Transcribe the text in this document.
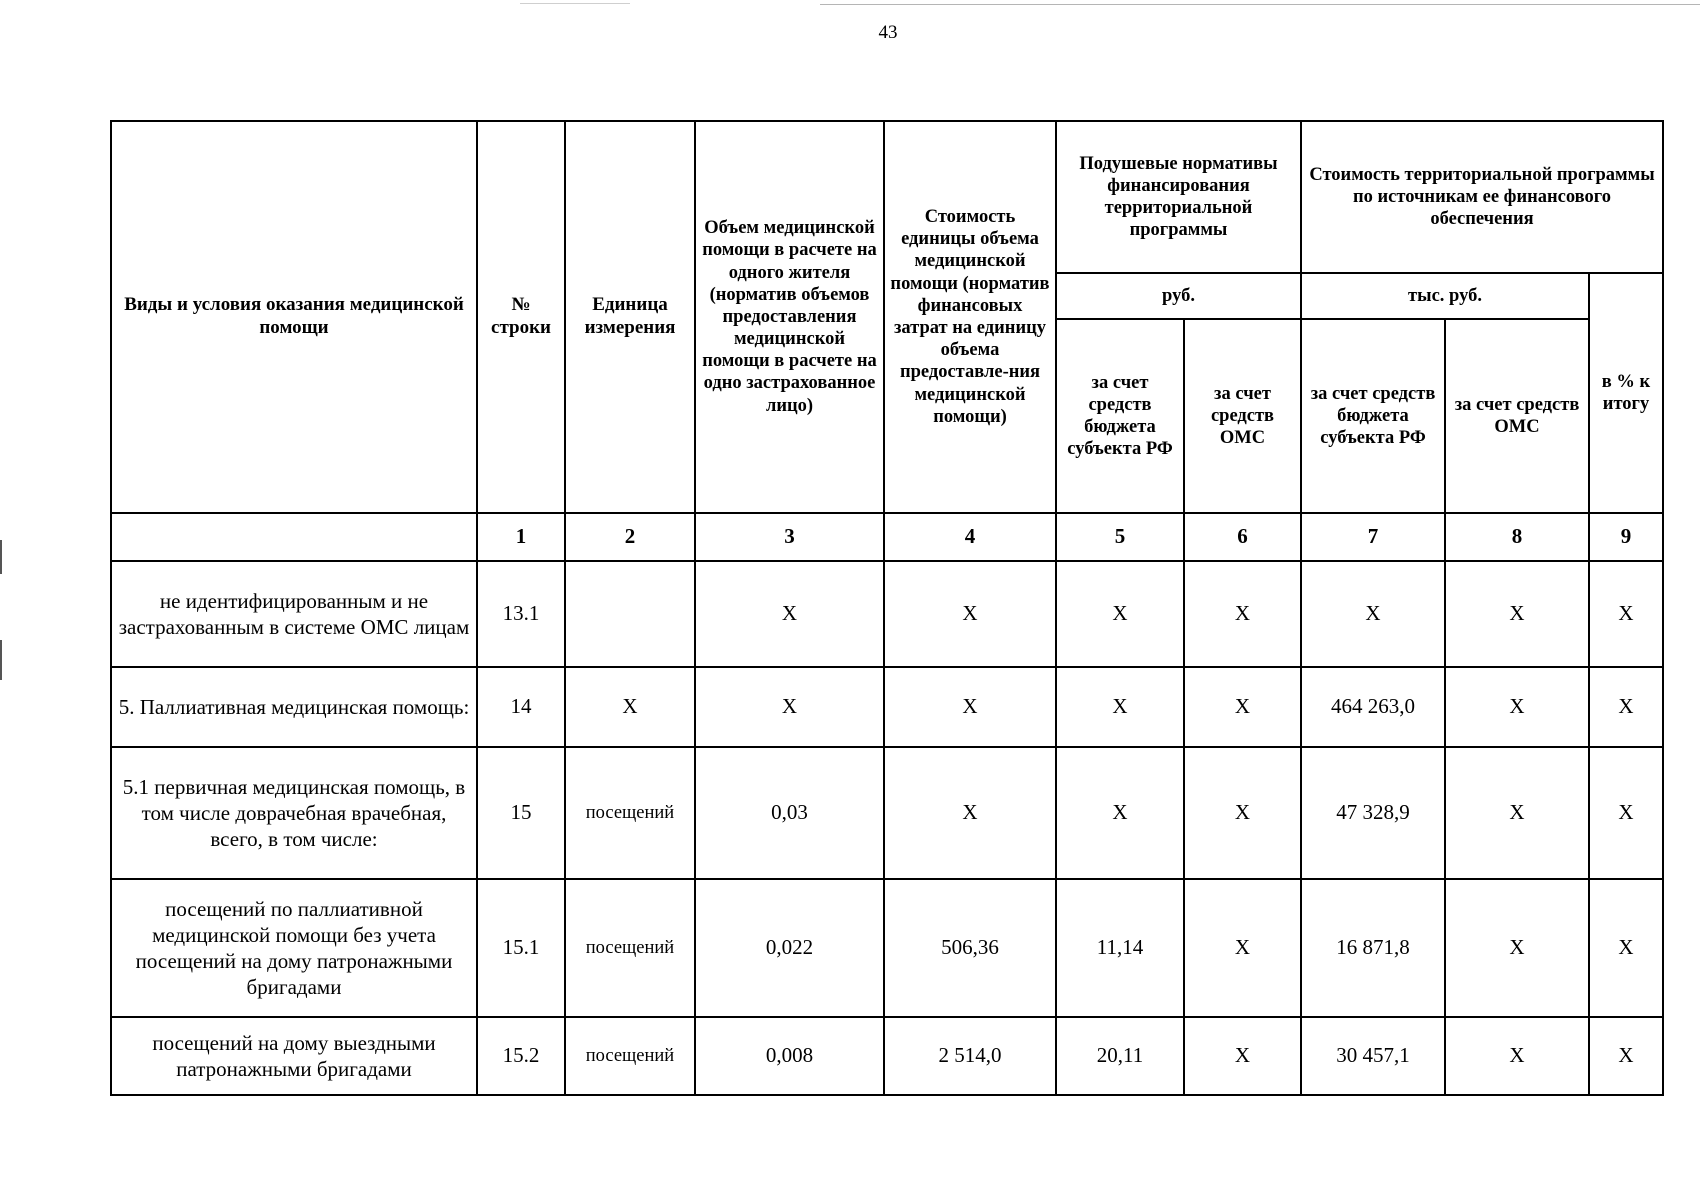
43
Виды и условия оказания медицинской помощи	№ строки	Единица измерения	Объем медицинской помощи в расчете на одного жителя (норматив объемов предоставления медицинской помощи в расчете на одно застрахованное лицо)	Стоимость единицы объема медицинской помощи (норматив финансовых затрат на единицу объема предоставле-ния медицинской помощи)	Подушевые нормативы финансирования территориальной программы		Стоимость территориальной программы по источникам ее финансового обеспечения		
					руб.		тыс. руб.		в % к итогу
					за счет средств бюджета субъекта РФ	за счет средств ОМС	за счет средств бюджета субъекта РФ	за счет средств ОМС	
	1	2	3	4	5	6	7	8	9
не идентифицированным и не застрахованным в системе ОМС лицам	13.1		Х	Х	Х	Х	Х	Х	Х
5. Паллиативная медицинская помощь:	14	Х	Х	Х	Х	Х	464 263,0	Х	Х
5.1 первичная медицинская помощь, в том числе доврачебная врачебная, всего, в том числе:	15	посещений	0,03	Х	Х	Х	47 328,9	Х	Х
посещений по паллиативной медицинской помощи без учета посещений на дому патронажными бригадами	15.1	посещений	0,022	506,36	11,14	Х	16 871,8	Х	Х
посещений на дому выездными патронажными бригадами	15.2	посещений	0,008	2 514,0	20,11	Х	30 457,1	Х	Х
